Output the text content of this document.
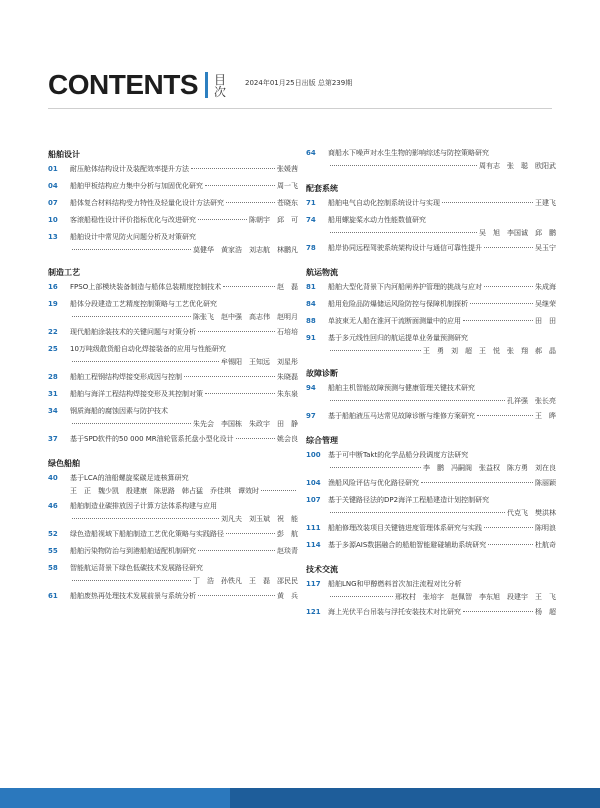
CONTENTS 目次
2024年01月25日出版 总第239期
船舶设计
01	耐压舱体结构设计及装配效率提升方法	张媛茜
04	船舶甲板结构应力集中分析与加固优化研究	周一飞
07	船体复合材料结构受力特性及轻量化设计方法研究	苍晓东
10	客滚船稳性设计评价指标优化与改进研究	陈朝宇　邱　可
13	船舶设计中常见防火问题分析及对策研究
莫健华　黄家浩　刘志航　林鹏凡
制造工艺
16	FPSO上部模块装备制造与船体总装精度控制技术	赵　磊
19	船体分段建造工艺精度控制策略与工艺优化研究
陈张飞　赵中强　高志伟　赵明月
22	现代船舶涂装技术的关键问题与对策分析	石培培
25	10万吨级散货船自动化焊接装备的应用与性能研究
牟锡阳　王知远　刘星彤
28	船舶工程钢结构焊接变形成因与控制	朱晓磊
31	船舶与海洋工程结构焊接变形及其控制对策	朱东泉
34	钢质海船的腐蚀因素与防护技术
朱先会　李国栋　朱政宇　田　静
37	基于SPD软件的50 000 MR油轮管系托盘小型化设计	姚会良
绿色船舶
40	基于LCA的油船螺旋桨碳足迹核算研究
王　正　魏少凯　殷建康　陈思路　韩占猛　乔佳琪　谭效时
46	船舶制造业碳排放因子计算方法体系构建与应用
刘凡夫　刘玉斌　祝　能
52	绿色造船视域下船舶制造工艺优化策略与实践路径	彭　航
55	船舶污染物防治与到港船舶适配机制研究	赵琰青
58	智能航运背景下绿色低碳技术发展路径研究
丁　浩　孙铁凡　王　磊　邵民民
61	船舶废热再处理技术发展前景与系统分析	黄　兵
64	商船水下噪声对水生生物的影响综述与防控策略研究
周有志　张　聪　欧阳武
配套系统
71	船舶电气自动化控制系统设计与实现	王建飞
74	船用螺旋桨水动力性能数值研究
吴　旭　李国诚　邱　鹏
78	船岸协同远程驾驶系统架构设计与通信可靠性提升	吴玉宁
航运物流
81	船舶大型化背景下内河船闸养护管理的挑战与应对	朱成海
84	船用危险品防爆储运风险防控与保障机制探析	吴继荣
88	单波束无人船在淮河干流断面测量中的应用	田　田
91	基于多元线性回归的航运提单业务量预测研究
王　勇　刘　超　王　悦　张　翔　郝　晶
故障诊断
94	船舶主机智能故障预测与健康管理关键技术研究
孔祥强　张长亮
97	基于船舶液压马达常见故障诊断与维修方案研究	王　晔
综合管理
100	基于可中断Takt的化学品船分段调度方法研究
李　鹏　冯嗣阁　张益权　陈方勇　刘在良
104	渔船风险评估与优化路径研究	陈丽颖
107	基于关键路径法的DP2海洋工程船建造计划控制研究
代克飞　樊洪林
111	船舶修理改装项目关键链进度管理体系研究与实践	陈明浪
114	基于多源AIS数据融合的船舶智能避碰辅助系统研究	杜航奇
技术交流
117	船舶LNG和甲醇燃料首次加注流程对比分析
邢枚村　张培字　赵佩智　李东旭　段建宇　王　飞
121	海上光伏平台吊装与浮托安装技术对比研究	杨　超
